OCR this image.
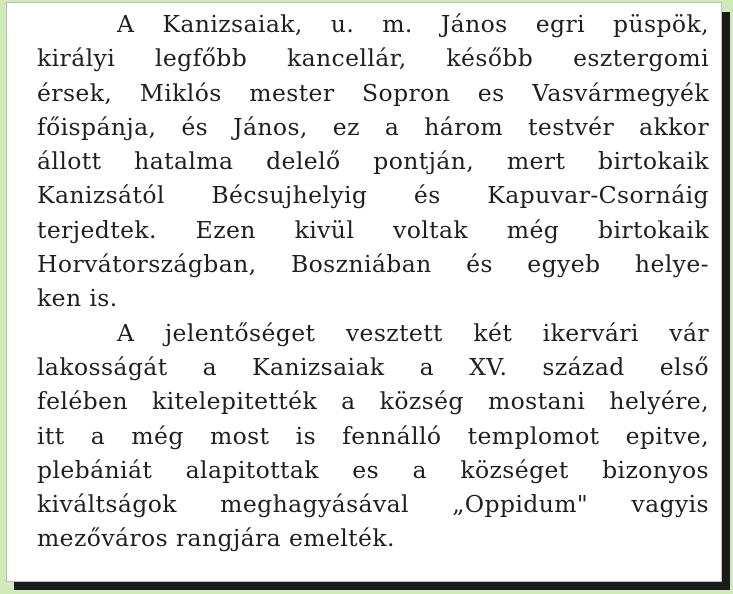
A Kanizsaiak, u. m. János egri püspök,
királyi legfőbb kancellár, később esztergomi
érsek, Miklós mester Sopron es Vasvármegyék
főispánja, és János, ez a három testvér akkor
állott hatalma delelő pontján, mert birtokaik
Kanizsától Bécsujhelyig és Kapuvar-Csornáig
terjedtek. Ezen kivül voltak még birtokaik
Horvátországban, Boszniában és egyeb helye-
ken is.
A jelentőséget vesztett két ikervári vár
lakosságát a Kanizsaiak a XV. század első
felében kitelepitették a község mostani helyére,
itt a még most is fennálló templomot epitve,
plebániát alapitottak es a községet bizonyos
kiváltságok meghagyásával „Oppidum" vagyis
mezőváros rangjára emelték.
